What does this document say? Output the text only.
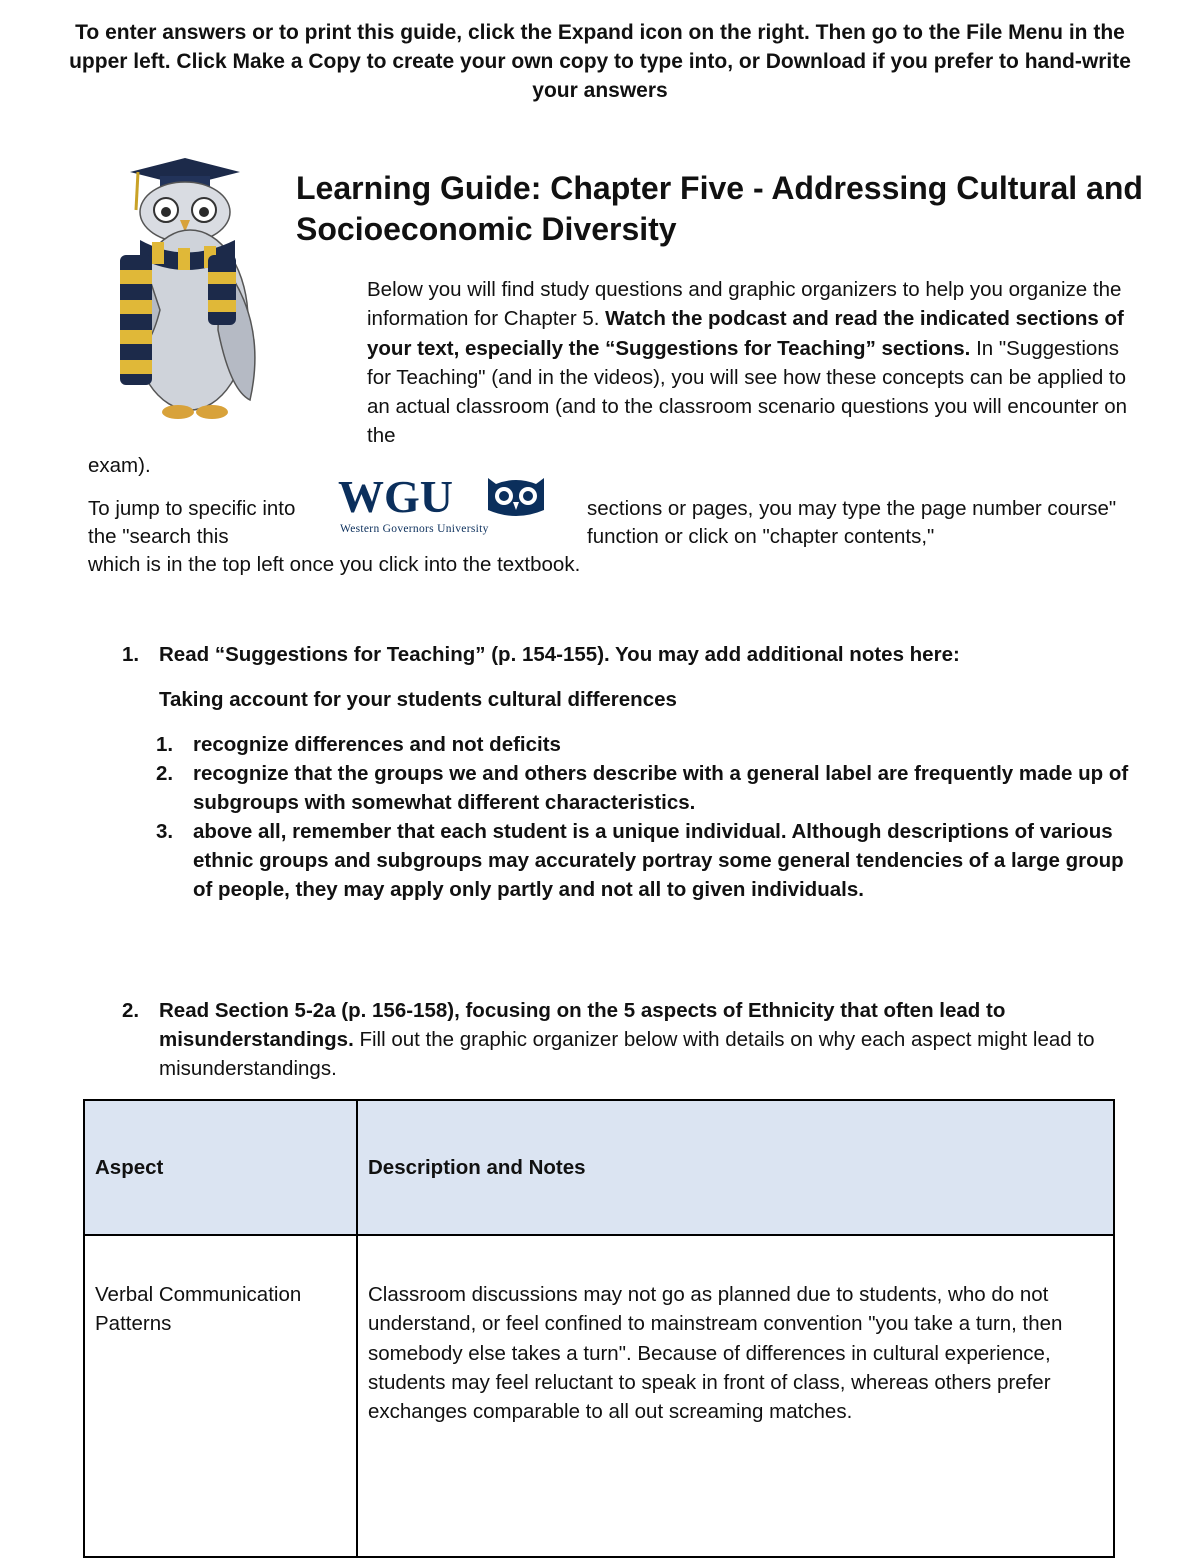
To enter answers or to print this guide, click the Expand icon on the right. Then go to the File Menu in the upper left. Click Make a Copy to create your own copy to type into, or Download if you prefer to hand-write your answers
Learning Guide: Chapter Five - Addressing Cultural and Socioeconomic Diversity
Below you will find study questions and graphic organizers to help you organize the information for Chapter 5. Watch the podcast and read the indicated sections of your text, especially the “Suggestions for Teaching” sections. In "Suggestions for Teaching" (and in the videos), you will see how these concepts can be applied to an actual classroom (and to the classroom scenario questions you will encounter on the
exam).
To jump to specific into the "search this
sections or pages, you may type the page number course" function or click on "chapter contents,"
which is in the top left once you click into the textbook.
WGU
Western Governors University
1. Read “Suggestions for Teaching” (p. 154-155). You may add additional notes here:
Taking account for your students cultural differences
1. recognize differences and not deficits
2. recognize that the groups we and others describe with a general label are frequently made up of subgroups with somewhat different characteristics.
3. above all, remember that each student is a unique individual. Although descriptions of various ethnic groups and subgroups may accurately portray some general tendencies of a large group of people, they may apply only partly and not all to given individuals.
2. Read Section 5-2a (p. 156-158), focusing on the 5 aspects of Ethnicity that often lead to misunderstandings. Fill out the graphic organizer below with details on why each aspect might lead to misunderstandings.
Aspect	Description and Notes
Verbal Communication Patterns	Classroom discussions may not go as planned due to students, who do not understand, or feel confined to mainstream convention "you take a turn, then somebody else takes a turn". Because of differences in cultural experience, students may feel reluctant to speak in front of class, whereas others prefer exchanges comparable to all out screaming matches.
